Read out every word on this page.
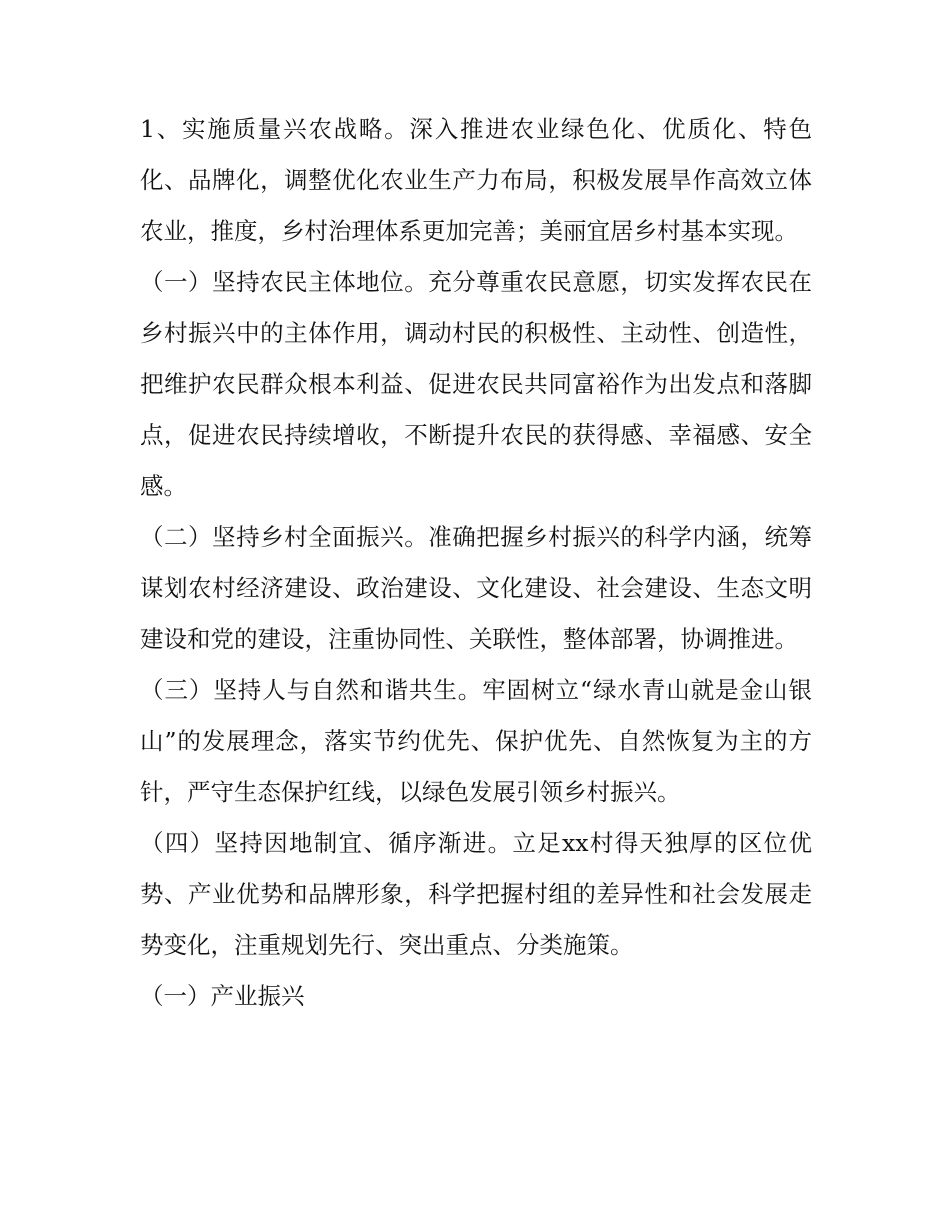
1、实施质量兴农战略。深入推进农业绿色化、优质化、特色化、品牌化，调整优化农业生产力布局，积极发展旱作高效立体农业，推度，乡村治理体系更加完善；美丽宜居乡村基本实现。

（一）坚持农民主体地位。充分尊重农民意愿，切实发挥农民在乡村振兴中的主体作用，调动村民的积极性、主动性、创造性，把维护农民群众根本利益、促进农民共同富裕作为出发点和落脚点，促进农民持续增收，不断提升农民的获得感、幸福感、安全感。

（二）坚持乡村全面振兴。准确把握乡村振兴的科学内涵，统筹谋划农村经济建设、政治建设、文化建设、社会建设、生态文明建设和党的建设，注重协同性、关联性，整体部署，协调推进。

（三）坚持人与自然和谐共生。牢固树立“绿水青山就是金山银山”的发展理念，落实节约优先、保护优先、自然恢复为主的方针，严守生态保护红线，以绿色发展引领乡村振兴。

（四）坚持因地制宜、循序渐进。立足xx村得天独厚的区位优势、产业优势和品牌形象，科学把握村组的差异性和社会发展走势变化，注重规划先行、突出重点、分类施策。

（一）产业振兴
